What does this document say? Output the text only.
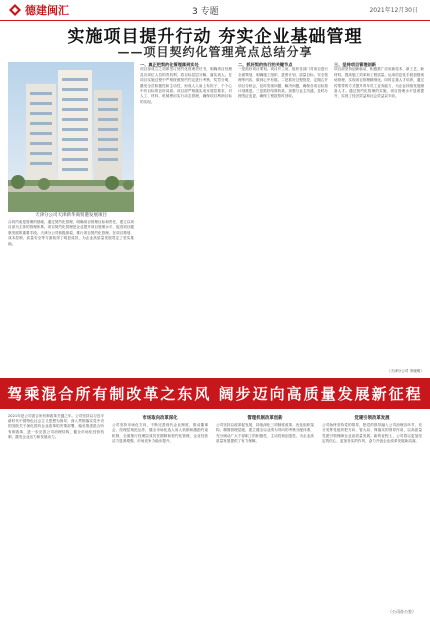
德建闽汇	3 专题	2021年12月30日
实施项目提升行动 夯实企业基础管理
——项目契约化管理亮点总结分享
天津分公司天津新华商贸港发展项目
合同约束是管理的基础，通过契约化管理，明确项目管理目标和责任，建立以项目部为主体的管理体系。项目契约化管理是企业提升项目管理水平、促进项目健康发展的重要手段。天津分公司积极探索，推行项目契约化管理，在项目策划、成本控制、质量安全等方面取得了明显成效，为企业高质量发展奠定了坚实基础。
一、真正把契约化管理落到实处
项目部成立之初即签订契约化管理责任书，明确项目经理及各岗位人员的责权利，将目标层层分解，落实到人。在项目实施过程中严格按照契约约定进行考核，奖罚分明，激发全员积极性和主动性，形成人人肩上有担子、个个心中有目标的良好局面。项目部严格落实成本管控要求，对人工、材料、机械费用实行动态管理，确保项目利润目标的实现。
二、抓好契约执行的关键节点
一是抓好项目策划。项目开工前，组织各部门对项目进行全面策划，明确施工组织、进度计划、质量目标、安全管理等内容，做到心中有数。二是抓好过程管控，定期召开项目分析会，及时发现问题、解决问题，确保各项目标按计划推进。三是抓好结算收款，加强与业主沟通，及时办理签证变更，确保工程款按时回收。
三、坚持项目管理创新
项目部坚持创新驱动，积极推广应用新技术、新工艺、新材料，提高施工效率和工程质量。运用信息化手段加强现场管理，实现项目管理精细化。同时注重人才培养，通过传帮带的方式提升青年员工业务能力，为企业持续发展储备人才。通过契约化管理的实施，项目管理水平显著提升，实现了经济效益和社会效益双丰收。
（天津分公司 李晓明）
驾乘混合所有制改革之东风 阔步迈向高质量发展新征程
2021年是公司混合所有制改革关键之年。公司坚持以习近平新时代中国特色社会主义思想为指导，深入贯彻落实党中央国务院关于深化国有企业改革的决策部署，稳妥推进混合所有制改革，进一步完善公司治理结构，健全市场化经营机制，激发企业活力和发展动力。
市场取向改革深化
公司坚持市场化方向，不断完善现代企业制度，推动董事会、经理层规范运作，健全市场化选人用人机制和激励约束机制，全面推行经理层成员任期制和契约化管理，企业经营活力显著增强，市场竞争力稳步提升。
管理机制改革创新
公司坚持以改革促发展，持续深化三项制度改革，优化组织架构，精简管理层级，建立健全以业绩为导向的考核分配体系，充分调动广大干部职工的积极性、主动性和创造性，为企业高质量发展提供了有力保障。
党建引领改革发展
公司始终坚持党的领导，把党的领导融入公司治理各环节，充分发挥党组织把方向、管大局、保落实的领导作用，以高质量党建引领保障企业高质量发展。新的征程上，公司将以更加坚定的信心、更加务实的作风，奋力开创企业改革发展新局面。
（公司办公室）
